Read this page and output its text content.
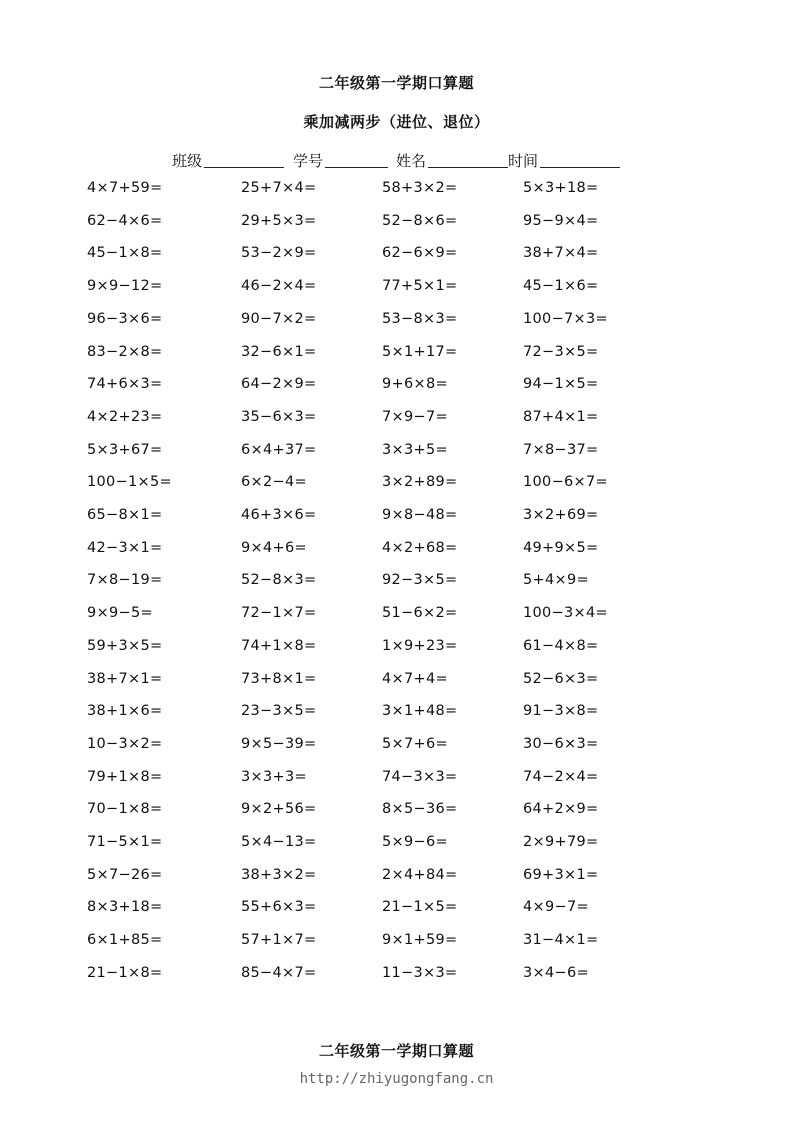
二年级第一学期口算题
乘加减两步（进位、退位）
班级	学号	姓名	时间
4×7+59=	25+7×4=	58+3×2=	5×3+18=
62−4×6=	29+5×3=	52−8×6=	95−9×4=
45−1×8=	53−2×9=	62−6×9=	38+7×4=
9×9−12=	46−2×4=	77+5×1=	45−1×6=
96−3×6=	90−7×2=	53−8×3=	100−7×3=
83−2×8=	32−6×1=	5×1+17=	72−3×5=
74+6×3=	64−2×9=	9+6×8=	94−1×5=
4×2+23=	35−6×3=	7×9−7=	87+4×1=
5×3+67=	6×4+37=	3×3+5=	7×8−37=
100−1×5=	6×2−4=	3×2+89=	100−6×7=
65−8×1=	46+3×6=	9×8−48=	3×2+69=
42−3×1=	9×4+6=	4×2+68=	49+9×5=
7×8−19=	52−8×3=	92−3×5=	5+4×9=
9×9−5=	72−1×7=	51−6×2=	100−3×4=
59+3×5=	74+1×8=	1×9+23=	61−4×8=
38+7×1=	73+8×1=	4×7+4=	52−6×3=
38+1×6=	23−3×5=	3×1+48=	91−3×8=
10−3×2=	9×5−39=	5×7+6=	30−6×3=
79+1×8=	3×3+3=	74−3×3=	74−2×4=
70−1×8=	9×2+56=	8×5−36=	64+2×9=
71−5×1=	5×4−13=	5×9−6=	2×9+79=
5×7−26=	38+3×2=	2×4+84=	69+3×1=
8×3+18=	55+6×3=	21−1×5=	4×9−7=
6×1+85=	57+1×7=	9×1+59=	31−4×1=
21−1×8=	85−4×7=	11−3×3=	3×4−6=
二年级第一学期口算题
http://zhiyugongfang.cn
